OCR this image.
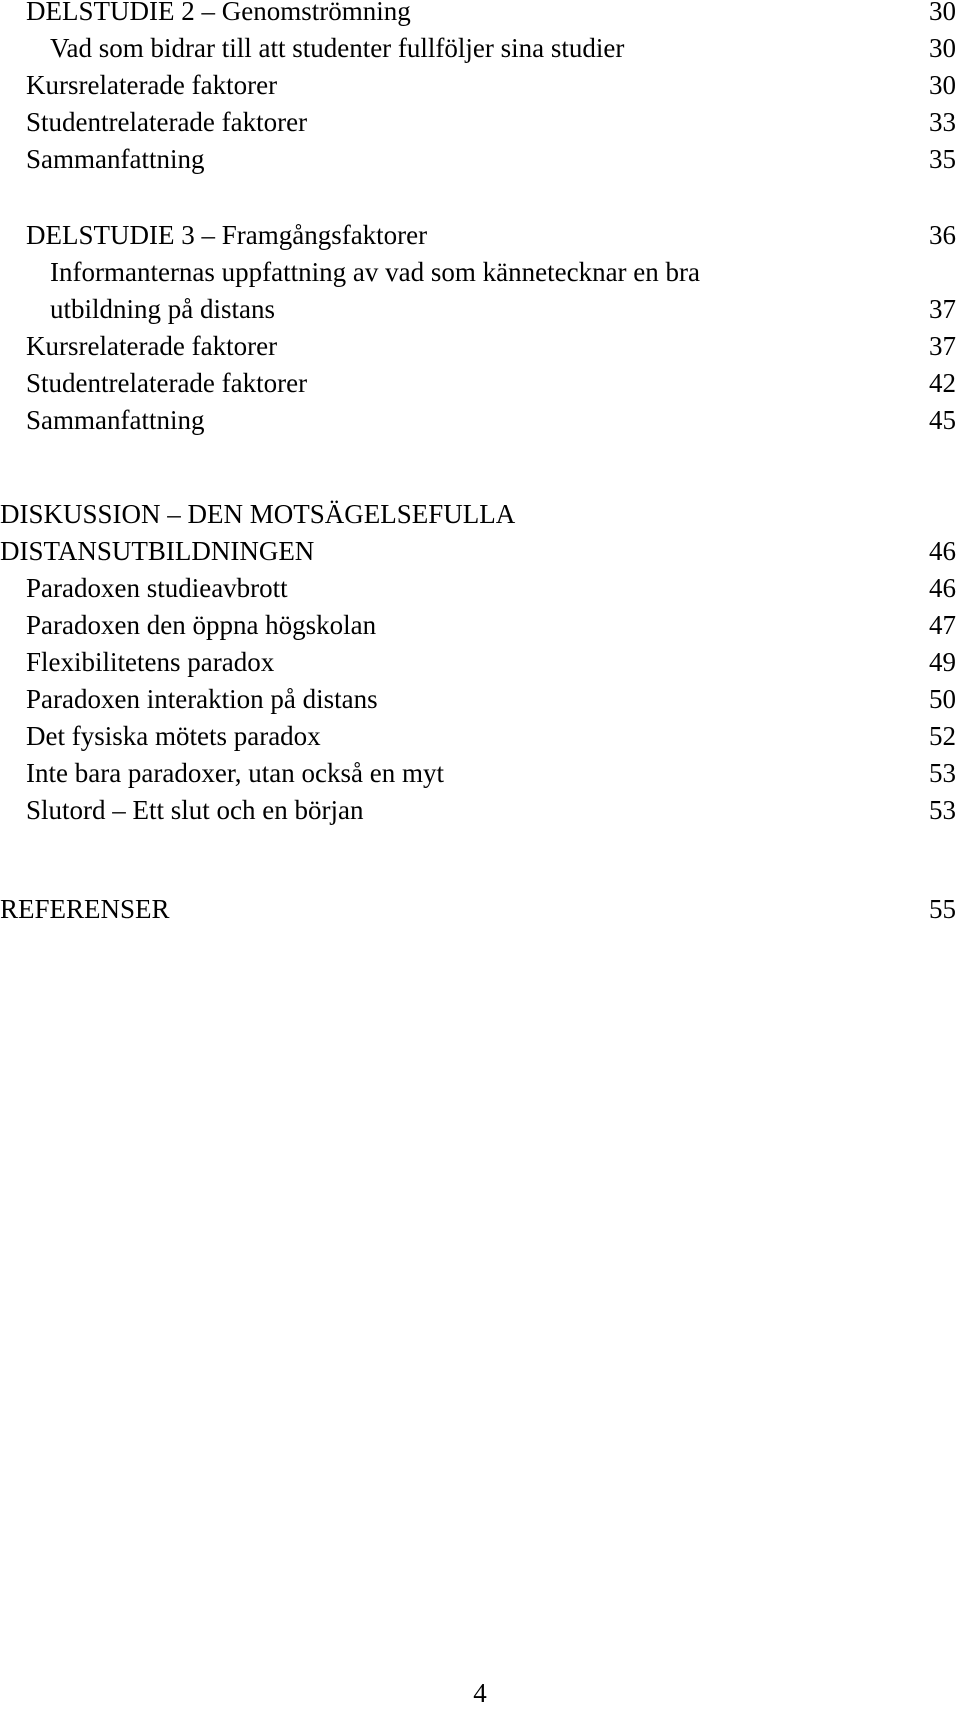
DELSTUDIE 2 – Genomströmning	30
Vad som bidrar till att studenter fullföljer sina studier	30
Kursrelaterade faktorer	30
Studentrelaterade faktorer	33
Sammanfattning	35
DELSTUDIE 3 – Framgångsfaktorer	36
Informanternas uppfattning av vad som kännetecknar en bra
utbildning på distans	37
Kursrelaterade faktorer	37
Studentrelaterade faktorer	42
Sammanfattning	45
DISKUSSION – DEN MOTSÄGELSEFULLA
DISTANSUTBILDNINGEN	46
Paradoxen studieavbrott	46
Paradoxen den öppna högskolan	47
Flexibilitetens paradox	49
Paradoxen interaktion på distans	50
Det fysiska mötets paradox	52
Inte bara paradoxer, utan också en myt	53
Slutord – Ett slut och en början	53
REFERENSER	55
4
